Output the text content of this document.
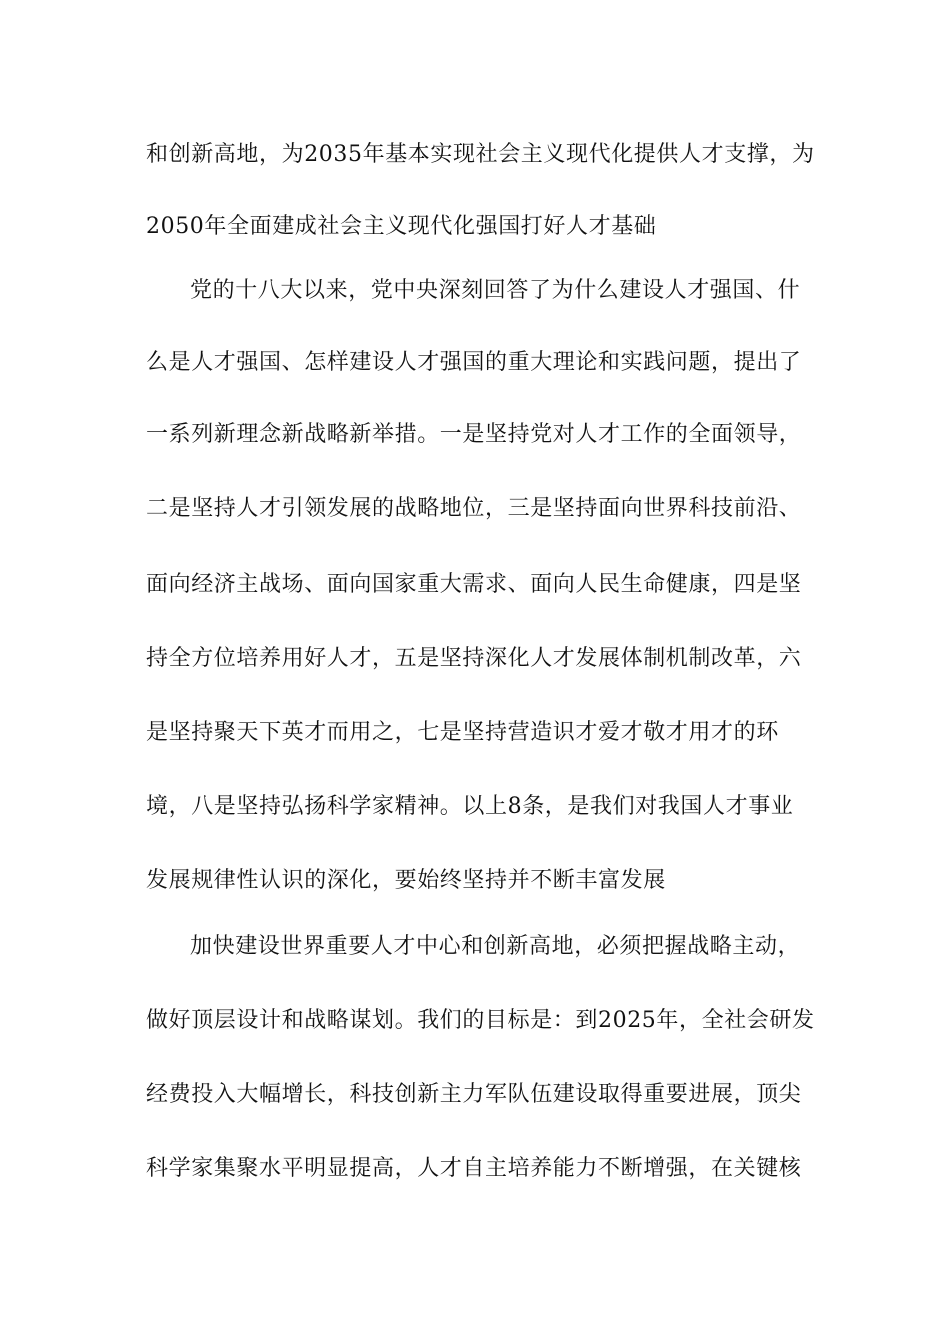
和创新高地，为2035年基本实现社会主义现代化提供人才支撑，为
2050年全面建成社会主义现代化强国打好人才基础
党的十八大以来，党中央深刻回答了为什么建设人才强国、什
么是人才强国、怎样建设人才强国的重大理论和实践问题，提出了
一系列新理念新战略新举措。一是坚持党对人才工作的全面领导，
二是坚持人才引领发展的战略地位，三是坚持面向世界科技前沿、
面向经济主战场、面向国家重大需求、面向人民生命健康，四是坚
持全方位培养用好人才，五是坚持深化人才发展体制机制改革，六
是坚持聚天下英才而用之，七是坚持营造识才爱才敬才用才的环
境，八是坚持弘扬科学家精神。以上8条，是我们对我国人才事业
发展规律性认识的深化，要始终坚持并不断丰富发展
加快建设世界重要人才中心和创新高地，必须把握战略主动，
做好顶层设计和战略谋划。我们的目标是：到2025年，全社会研发
经费投入大幅增长，科技创新主力军队伍建设取得重要进展，顶尖
科学家集聚水平明显提高，人才自主培养能力不断增强，在关键核
